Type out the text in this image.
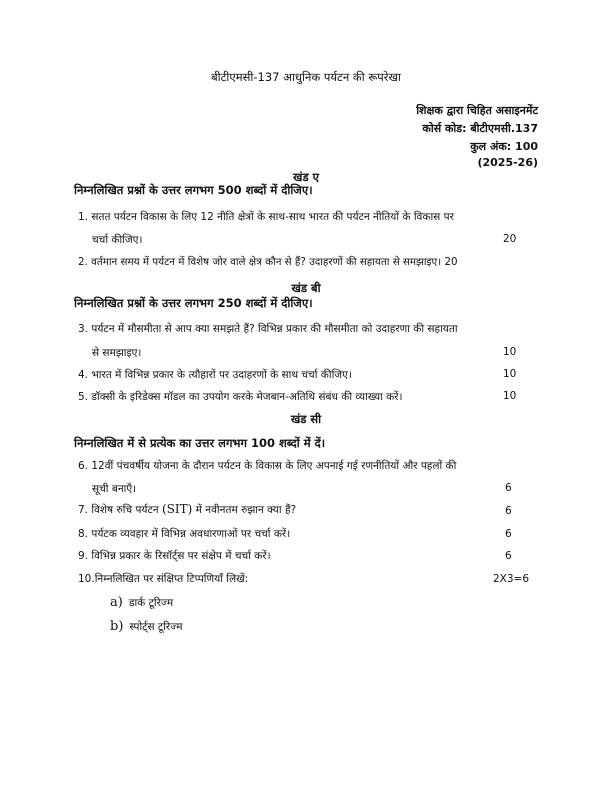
बीटीएमसी-137 आधुनिक पर्यटन की रूपरेखा
शिक्षक द्वारा चिहित असाइनमेंट
कोर्स कोड: बीटीएमसी.137
कुल अंक: 100
(2025-26)
खंड ए
निम्नलिखित प्रश्नों के उत्तर लगभग 500 शब्दों में दीजिए।
1. सतत पर्यटन विकास के लिए 12 नीति क्षेत्रों के साथ-साथ भारत की पर्यटन नीतियों के विकास पर
चर्चा कीजिए।	20
2. वर्तमान समय में पर्यटन में विशेष जोर वाले क्षेत्र कौन से हैं? उदाहरणों की सहायता से समझाइए। 20
खंड बी
निम्नलिखित प्रश्नों के उत्तर लगभग 250 शब्दों में दीजिए।
3. पर्यटन में मौसमीता से आप क्या समझते हैं? विभिन्न प्रकार की मौसमीता को उदाहरणा की सहायता
से समझाइए।	10
4. भारत में विभिन्न प्रकार के त्यौहारों पर उदाहरणों के साथ चर्चा कीजिए।	10
5. डॉक्सी के इरिडेक्स मॉडल का उपयोग करके मेजबान-अतिथि संबंध की व्याख्या करें।	10
खंड सी
निम्नलिखित में से प्रत्येक का उत्तर लगभग 100 शब्दों में दें।
6. 12वीं पंचवर्षीय योजना के दौरान पर्यटन के विकास के लिए अपनाई गई रणनीतियों और पहलों की
सूची बनाएँ।	6
7. विशेष रुचि पर्यटन (SIT) में नवीनतम रुझान क्या हैं?	6
8. पर्यटक व्यवहार में विभिन्न अवधारणाओं पर चर्चा करें।	6
9. विभिन्न प्रकार के रिसॉर्ट्स पर संक्षेप में चर्चा करें।	6
10.निम्नलिखित पर संक्षिप्त टिप्पणियाँ लिखें:	2X3=6
a) डार्क टूरिज्म
b) स्पोर्ट्स टूरिज्म
